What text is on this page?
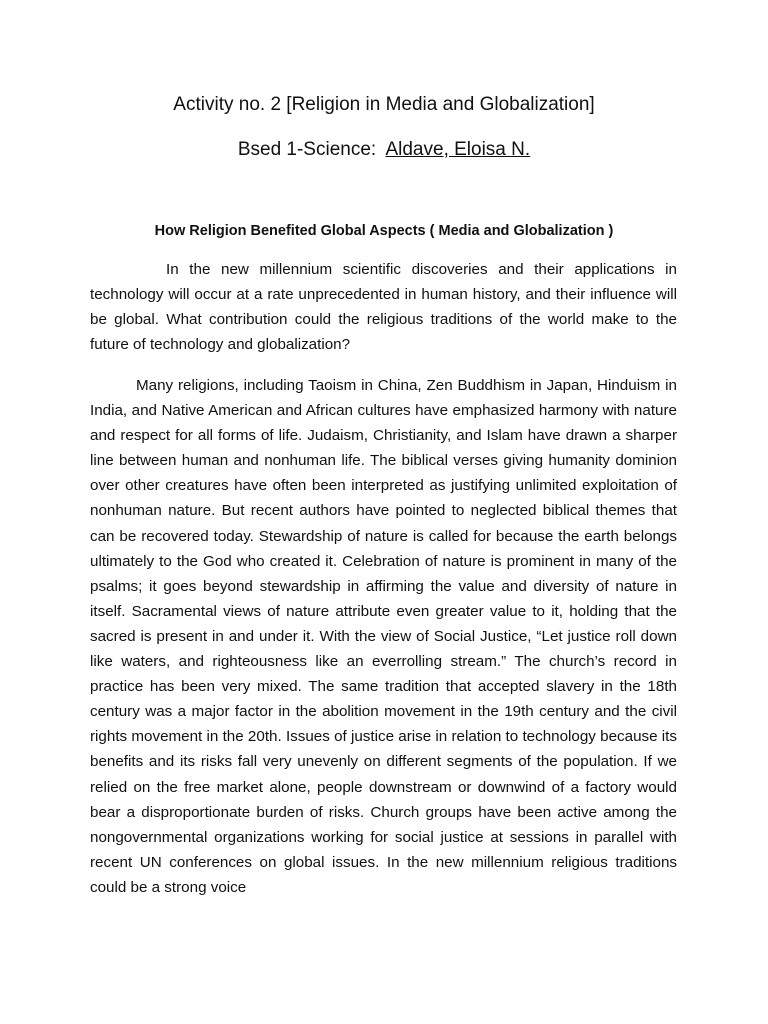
Activity no. 2 [Religion in Media and Globalization]

Bsed 1-Science: Aldave, Eloisa N.

How Religion Benefited Global Aspects ( Media and Globalization )

In the new millennium scientific discoveries and their applications in technology will occur at a rate unprecedented in human history, and their influence will be global. What contribution could the religious traditions of the world make to the future of technology and globalization?

Many religions, including Taoism in China, Zen Buddhism in Japan, Hinduism in India, and Native American and African cultures have emphasized harmony with nature and respect for all forms of life. Judaism, Christianity, and Islam have drawn a sharper line between human and nonhuman life. The biblical verses giving humanity dominion over other creatures have often been interpreted as justifying unlimited exploitation of nonhuman nature. But recent authors have pointed to neglected biblical themes that can be recovered today. Stewardship of nature is called for because the earth belongs ultimately to the God who created it. Celebration of nature is prominent in many of the psalms; it goes beyond stewardship in affirming the value and diversity of nature in itself. Sacramental views of nature attribute even greater value to it, holding that the sacred is present in and under it. With the view of Social Justice, “Let justice roll down like waters, and righteousness like an everrolling stream.” The church’s record in practice has been very mixed. The same tradition that accepted slavery in the 18th century was a major factor in the abolition movement in the 19th century and the civil rights movement in the 20th. Issues of justice arise in relation to technology because its benefits and its risks fall very unevenly on different segments of the population. If we relied on the free market alone, people downstream or downwind of a factory would bear a disproportionate burden of risks. Church groups have been active among the nongovernmental organizations working for social justice at sessions in parallel with recent UN conferences on global issues. In the new millennium religious traditions could be a strong voice
